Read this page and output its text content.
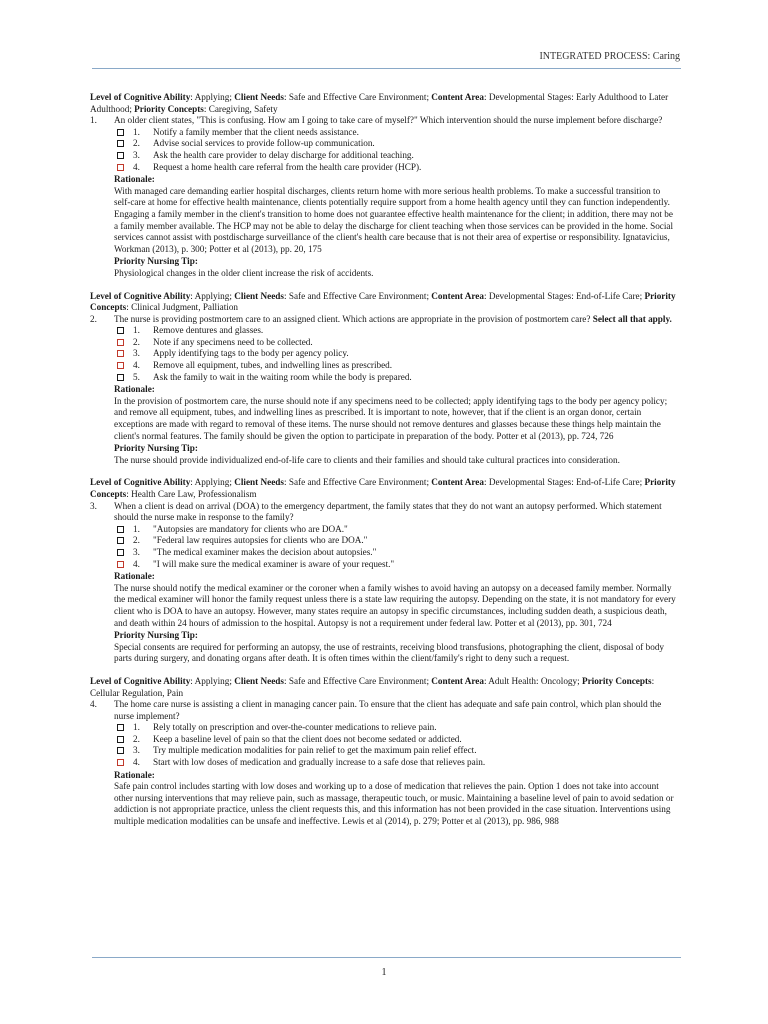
INTEGRATED PROCESS: Caring

Level of Cognitive Ability: Applying; Client Needs: Safe and Effective Care Environment; Content Area: Developmental Stages: Early Adulthood to Later Adulthood; Priority Concepts: Caregiving, Safety

1.	An older client states, "This is confusing. How am I going to take care of myself?" Which intervention should the nurse implement before discharge?
1.	Notify a family member that the client needs assistance.
2.	Advise social services to provide follow-up communication.
3.	Ask the health care provider to delay discharge for additional teaching.
4.	Request a home health care referral from the health care provider (HCP).
Rationale:

With managed care demanding earlier hospital discharges, clients return home with more serious health problems. To make a successful transition to self-care at home for effective health maintenance, clients potentially require support from a home health agency until they can function independently. Engaging a family member in the client's transition to home does not guarantee effective health maintenance for the client; in addition, there may not be a family member available. The HCP may not be able to delay the discharge for client teaching when those services can be provided in the home. Social services cannot assist with postdischarge surveillance of the client's health care because that is not their area of expertise or responsibility. Ignatavicius, Workman (2013), p. 300; Potter et al (2013), pp. 20, 175

Priority Nursing Tip:

Physiological changes in the older client increase the risk of accidents.

Level of Cognitive Ability: Applying; Client Needs: Safe and Effective Care Environment; Content Area: Developmental Stages: End-of-Life Care; Priority Concepts: Clinical Judgment, Palliation

2.	The nurse is providing postmortem care to an assigned client. Which actions are appropriate in the provision of postmortem care? Select all that apply.
1.	Remove dentures and glasses.
2.	Note if any specimens need to be collected.
3.	Apply identifying tags to the body per agency policy.
4.	Remove all equipment, tubes, and indwelling lines as prescribed.
5.	Ask the family to wait in the waiting room while the body is prepared.
Rationale:

In the provision of postmortem care, the nurse should note if any specimens need to be collected; apply identifying tags to the body per agency policy; and remove all equipment, tubes, and indwelling lines as prescribed. It is important to note, however, that if the client is an organ donor, certain exceptions are made with regard to removal of these items. The nurse should not remove dentures and glasses because these things help maintain the client's normal features. The family should be given the option to participate in preparation of the body. Potter et al (2013), pp. 724, 726

Priority Nursing Tip:

The nurse should provide individualized end-of-life care to clients and their families and should take cultural practices into consideration.

Level of Cognitive Ability: Applying; Client Needs: Safe and Effective Care Environment; Content Area: Developmental Stages: End-of-Life Care; Priority Concepts: Health Care Law, Professionalism

3.	When a client is dead on arrival (DOA) to the emergency department, the family states that they do not want an autopsy performed. Which statement should the nurse make in response to the family?
1.	"Autopsies are mandatory for clients who are DOA."
2.	"Federal law requires autopsies for clients who are DOA."
3.	"The medical examiner makes the decision about autopsies."
4.	"I will make sure the medical examiner is aware of your request."
Rationale:

The nurse should notify the medical examiner or the coroner when a family wishes to avoid having an autopsy on a deceased family member. Normally the medical examiner will honor the family request unless there is a state law requiring the autopsy. Depending on the state, it is not mandatory for every client who is DOA to have an autopsy. However, many states require an autopsy in specific circumstances, including sudden death, a suspicious death, and death within 24 hours of admission to the hospital. Autopsy is not a requirement under federal law. Potter et al (2013), pp. 301, 724

Priority Nursing Tip:

Special consents are required for performing an autopsy, the use of restraints, receiving blood transfusions, photographing the client, disposal of body parts during surgery, and donating organs after death. It is often times within the client/family's right to deny such a request.

Level of Cognitive Ability: Applying; Client Needs: Safe and Effective Care Environment; Content Area: Adult Health: Oncology; Priority Concepts: Cellular Regulation, Pain

4.	The home care nurse is assisting a client in managing cancer pain. To ensure that the client has adequate and safe pain control, which plan should the nurse implement?
1.	Rely totally on prescription and over-the-counter medications to relieve pain.
2.	Keep a baseline level of pain so that the client does not become sedated or addicted.
3.	Try multiple medication modalities for pain relief to get the maximum pain relief effect.
4.	Start with low doses of medication and gradually increase to a safe dose that relieves pain.
Rationale:

Safe pain control includes starting with low doses and working up to a dose of medication that relieves the pain. Option 1 does not take into account other nursing interventions that may relieve pain, such as massage, therapeutic touch, or music. Maintaining a baseline level of pain to avoid sedation or addiction is not appropriate practice, unless the client requests this, and this information has not been provided in the case situation. Interventions using multiple medication modalities can be unsafe and ineffective. Lewis et al (2014), p. 279; Potter et al (2013), pp. 986, 988

1
